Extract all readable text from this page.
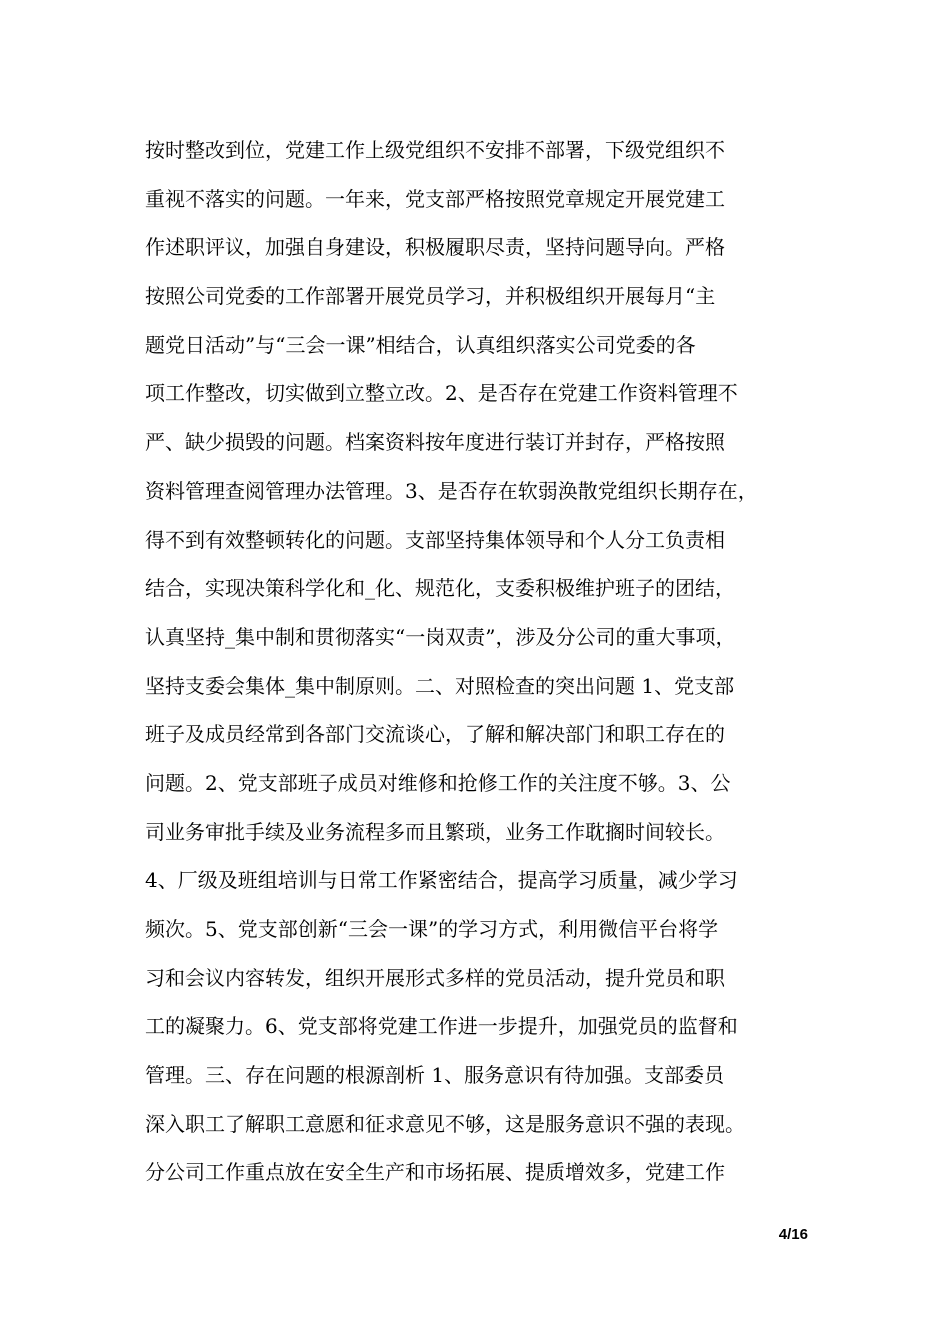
按时整改到位，党建工作上级党组织不安排不部署，下级党组织不
重视不落实的问题。一年来，党支部严格按照党章规定开展党建工
作述职评议，加强自身建设，积极履职尽责，坚持问题导向。严格
按照公司党委的工作部署开展党员学习，并积极组织开展每月“主
题党日活动”与“三会一课”相结合，认真组织落实公司党委的各
项工作整改，切实做到立整立改。2、是否存在党建工作资料管理不
严、缺少损毁的问题。档案资料按年度进行装订并封存，严格按照
资料管理查阅管理办法管理。3、是否存在软弱涣散党组织长期存在，
得不到有效整顿转化的问题。支部坚持集体领导和个人分工负责相
结合，实现决策科学化和_化、规范化，支委积极维护班子的团结，
认真坚持_集中制和贯彻落实“一岗双责”，涉及分公司的重大事项，
坚持支委会集体_集中制原则。二、对照检查的突出问题 1、党支部
班子及成员经常到各部门交流谈心，了解和解决部门和职工存在的
问题。2、党支部班子成员对维修和抢修工作的关注度不够。3、公
司业务审批手续及业务流程多而且繁琐，业务工作耽搁时间较长。
4、厂级及班组培训与日常工作紧密结合，提高学习质量，减少学习
频次。5、党支部创新“三会一课”的学习方式，利用微信平台将学
习和会议内容转发，组织开展形式多样的党员活动，提升党员和职
工的凝聚力。6、党支部将党建工作进一步提升，加强党员的监督和
管理。三、存在问题的根源剖析 1、服务意识有待加强。支部委员
深入职工了解职工意愿和征求意见不够，这是服务意识不强的表现。
分公司工作重点放在安全生产和市场拓展、提质增效多，党建工作
4/16
